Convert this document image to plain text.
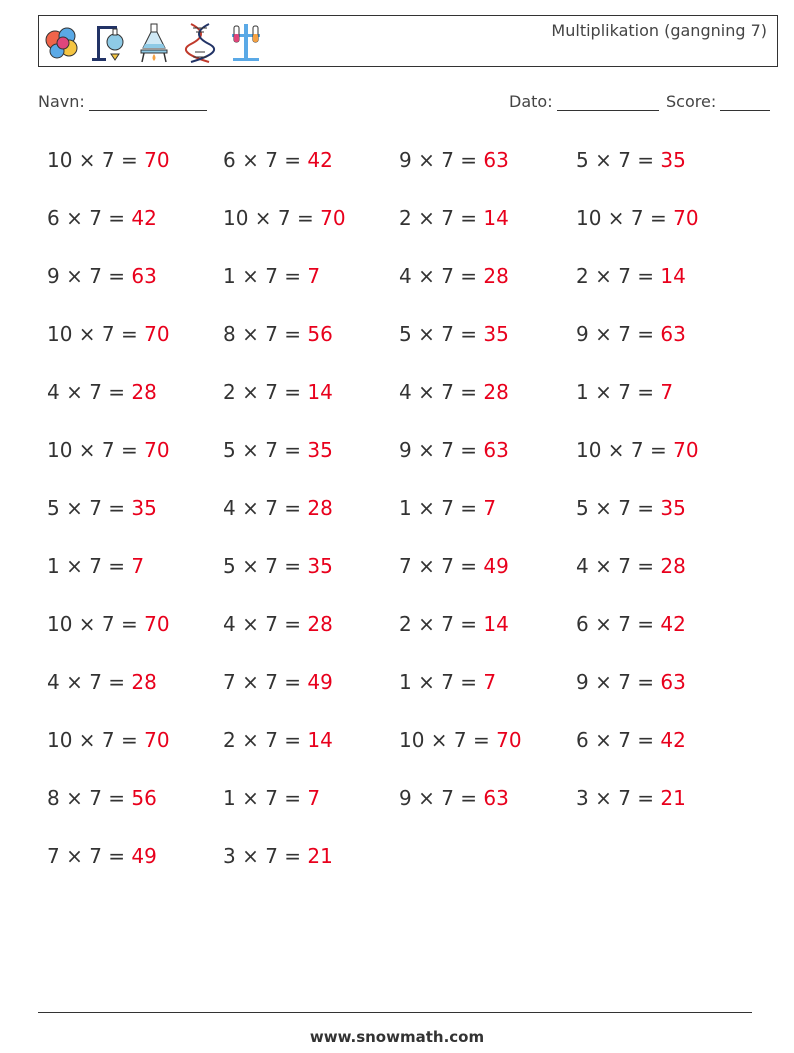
Multiplikation (gangning 7)
Navn:	Dato:	Score:
10 × 7 = 70	6 × 7 = 42	9 × 7 = 63	5 × 7 = 35
6 × 7 = 42	10 × 7 = 70	2 × 7 = 14	10 × 7 = 70
9 × 7 = 63	1 × 7 = 7	4 × 7 = 28	2 × 7 = 14
10 × 7 = 70	8 × 7 = 56	5 × 7 = 35	9 × 7 = 63
4 × 7 = 28	2 × 7 = 14	4 × 7 = 28	1 × 7 = 7
10 × 7 = 70	5 × 7 = 35	9 × 7 = 63	10 × 7 = 70
5 × 7 = 35	4 × 7 = 28	1 × 7 = 7	5 × 7 = 35
1 × 7 = 7	5 × 7 = 35	7 × 7 = 49	4 × 7 = 28
10 × 7 = 70	4 × 7 = 28	2 × 7 = 14	6 × 7 = 42
4 × 7 = 28	7 × 7 = 49	1 × 7 = 7	9 × 7 = 63
10 × 7 = 70	2 × 7 = 14	10 × 7 = 70	6 × 7 = 42
8 × 7 = 56	1 × 7 = 7	9 × 7 = 63	3 × 7 = 21
7 × 7 = 49	3 × 7 = 21
www.snowmath.com
